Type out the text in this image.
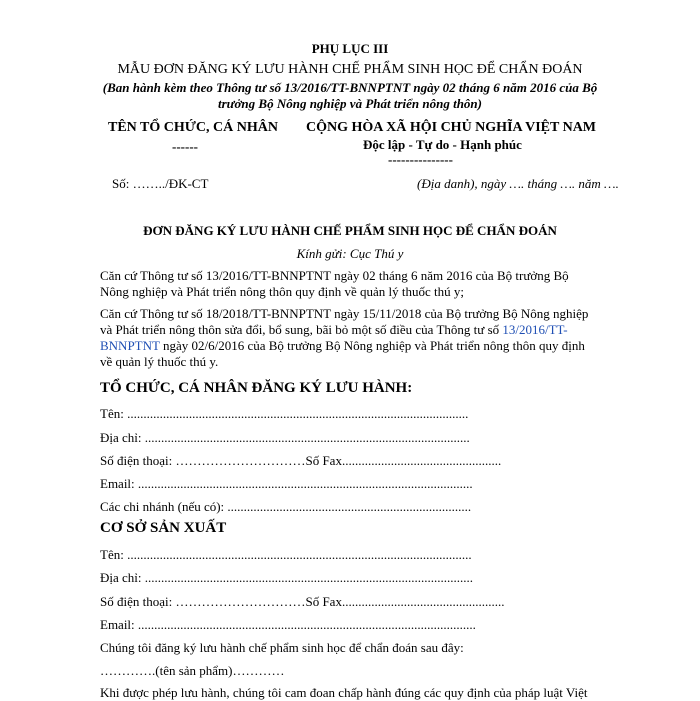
PHỤ LỤC III
MẪU ĐƠN ĐĂNG KÝ LƯU HÀNH CHẾ PHẨM SINH HỌC ĐỂ CHẨN ĐOÁN
(Ban hành kèm theo Thông tư số 13/2016/TT-BNNPTNT ngày 02 tháng 6 năm 2016 của Bộ
trưởng Bộ Nông nghiệp và Phát triển nông thôn)
TÊN TỔ CHỨC, CÁ NHÂN
------
CỘNG HÒA XÃ HỘI CHỦ NGHĨA VIỆT NAM
Độc lập - Tự do - Hạnh phúc
---------------
Số: ……../ĐK-CT	(Địa danh), ngày …. tháng …. năm ….
ĐƠN ĐĂNG KÝ LƯU HÀNH CHẾ PHẨM SINH HỌC ĐỂ CHẨN ĐOÁN
Kính gửi: Cục Thú y
Căn cứ Thông tư số 13/2016/TT-BNNPTNT ngày 02 tháng 6 năm 2016 của Bộ trưởng Bộ
Nông nghiệp và Phát triển nông thôn quy định về quản lý thuốc thú y;
Căn cứ Thông tư số 18/2018/TT-BNNPTNT ngày 15/11/2018 của Bộ trưởng Bộ Nông nghiệp
và Phát triển nông thôn sửa đổi, bổ sung, bãi bỏ một số điều của Thông tư số 13/2016/TT-
BNNPTNT ngày 02/6/2016 của Bộ trưởng Bộ Nông nghiệp và Phát triển nông thôn quy định
về quản lý thuốc thú y.
TỔ CHỨC, CÁ NHÂN ĐĂNG KÝ LƯU HÀNH:
Tên: .........................................................................................................
Địa chỉ: ....................................................................................................
Số điện thoại: …………………………Số Fax.................................................
Email: .......................................................................................................
Các chi nhánh (nếu có): ...........................................................................
CƠ SỞ SẢN XUẤT
Tên: ..........................................................................................................
Địa chỉ: .....................................................................................................
Số điện thoại: …………………………Số Fax..................................................
Email: ........................................................................................................
Chúng tôi đăng ký lưu hành chế phẩm sinh học để chẩn đoán sau đây:
………….(tên sản phẩm)…………
Khi được phép lưu hành, chúng tôi cam đoan chấp hành đúng các quy định của pháp luật Việt
